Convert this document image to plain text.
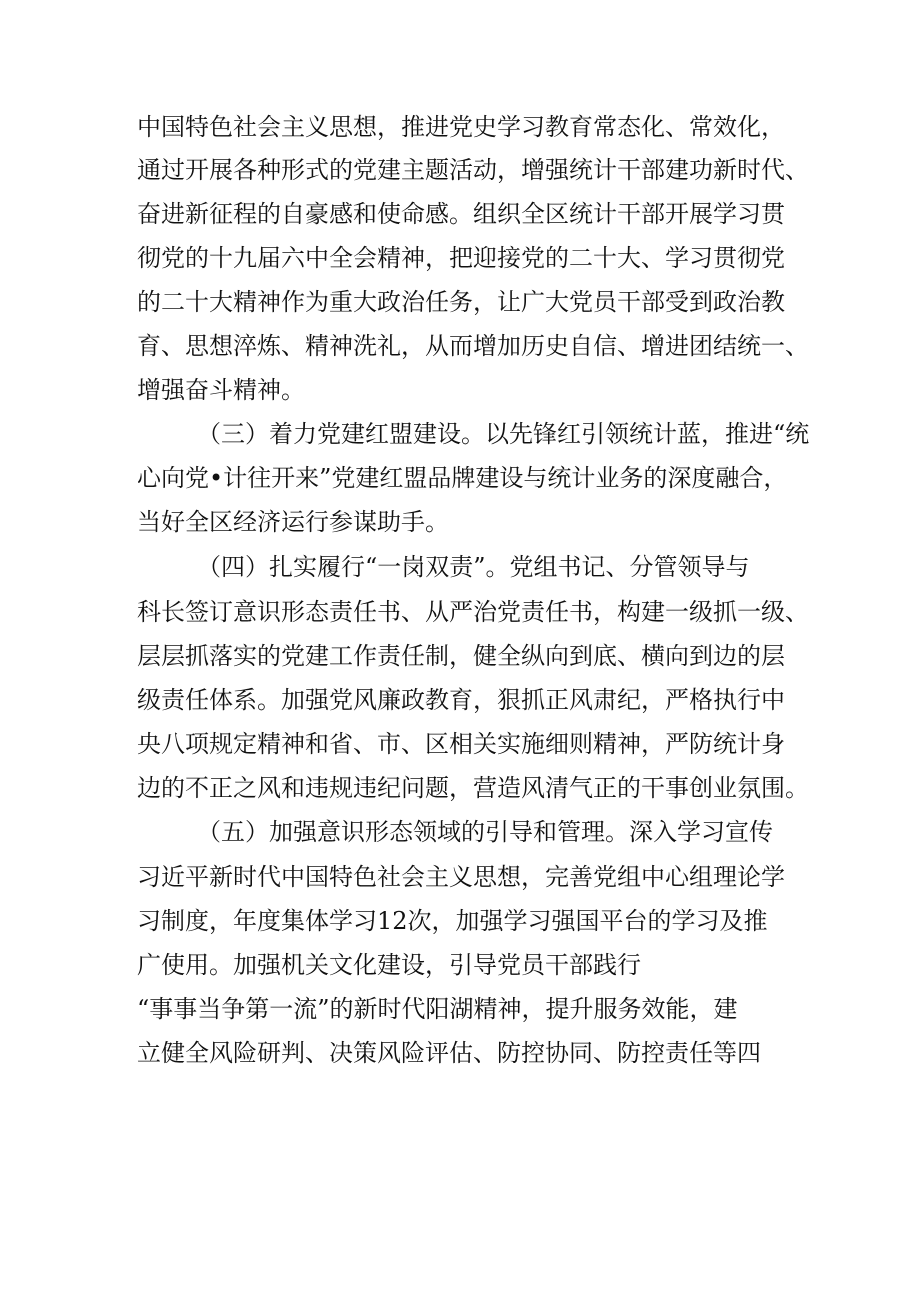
中国特色社会主义思想，推进党史学习教育常态化、常效化，
通过开展各种形式的党建主题活动，增强统计干部建功新时代、
奋进新征程的自豪感和使命感。组织全区统计干部开展学习贯
彻党的十九届六中全会精神，把迎接党的二十大、学习贯彻党
的二十大精神作为重大政治任务，让广大党员干部受到政治教
育、思想淬炼、精神洗礼，从而增加历史自信、增进团结统一、
增强奋斗精神。
（三）着力党建红盟建设。以先锋红引领统计蓝，推进“统
心向党•计往开来”党建红盟品牌建设与统计业务的深度融合，
当好全区经济运行参谋助手。
（四）扎实履行“一岗双责”。党组书记、分管领导与
科长签订意识形态责任书、从严治党责任书，构建一级抓一级、
层层抓落实的党建工作责任制，健全纵向到底、横向到边的层
级责任体系。加强党风廉政教育，狠抓正风肃纪，严格执行中
央八项规定精神和省、市、区相关实施细则精神，严防统计身
边的不正之风和违规违纪问题，营造风清气正的干事创业氛围。
（五）加强意识形态领域的引导和管理。深入学习宣传
习近平新时代中国特色社会主义思想，完善党组中心组理论学
习制度，年度集体学习12次，加强学习强国平台的学习及推
广使用。加强机关文化建设，引导党员干部践行
“事事当争第一流”的新时代阳湖精神，提升服务效能，建
立健全风险研判、决策风险评估、防控协同、防控责任等四
